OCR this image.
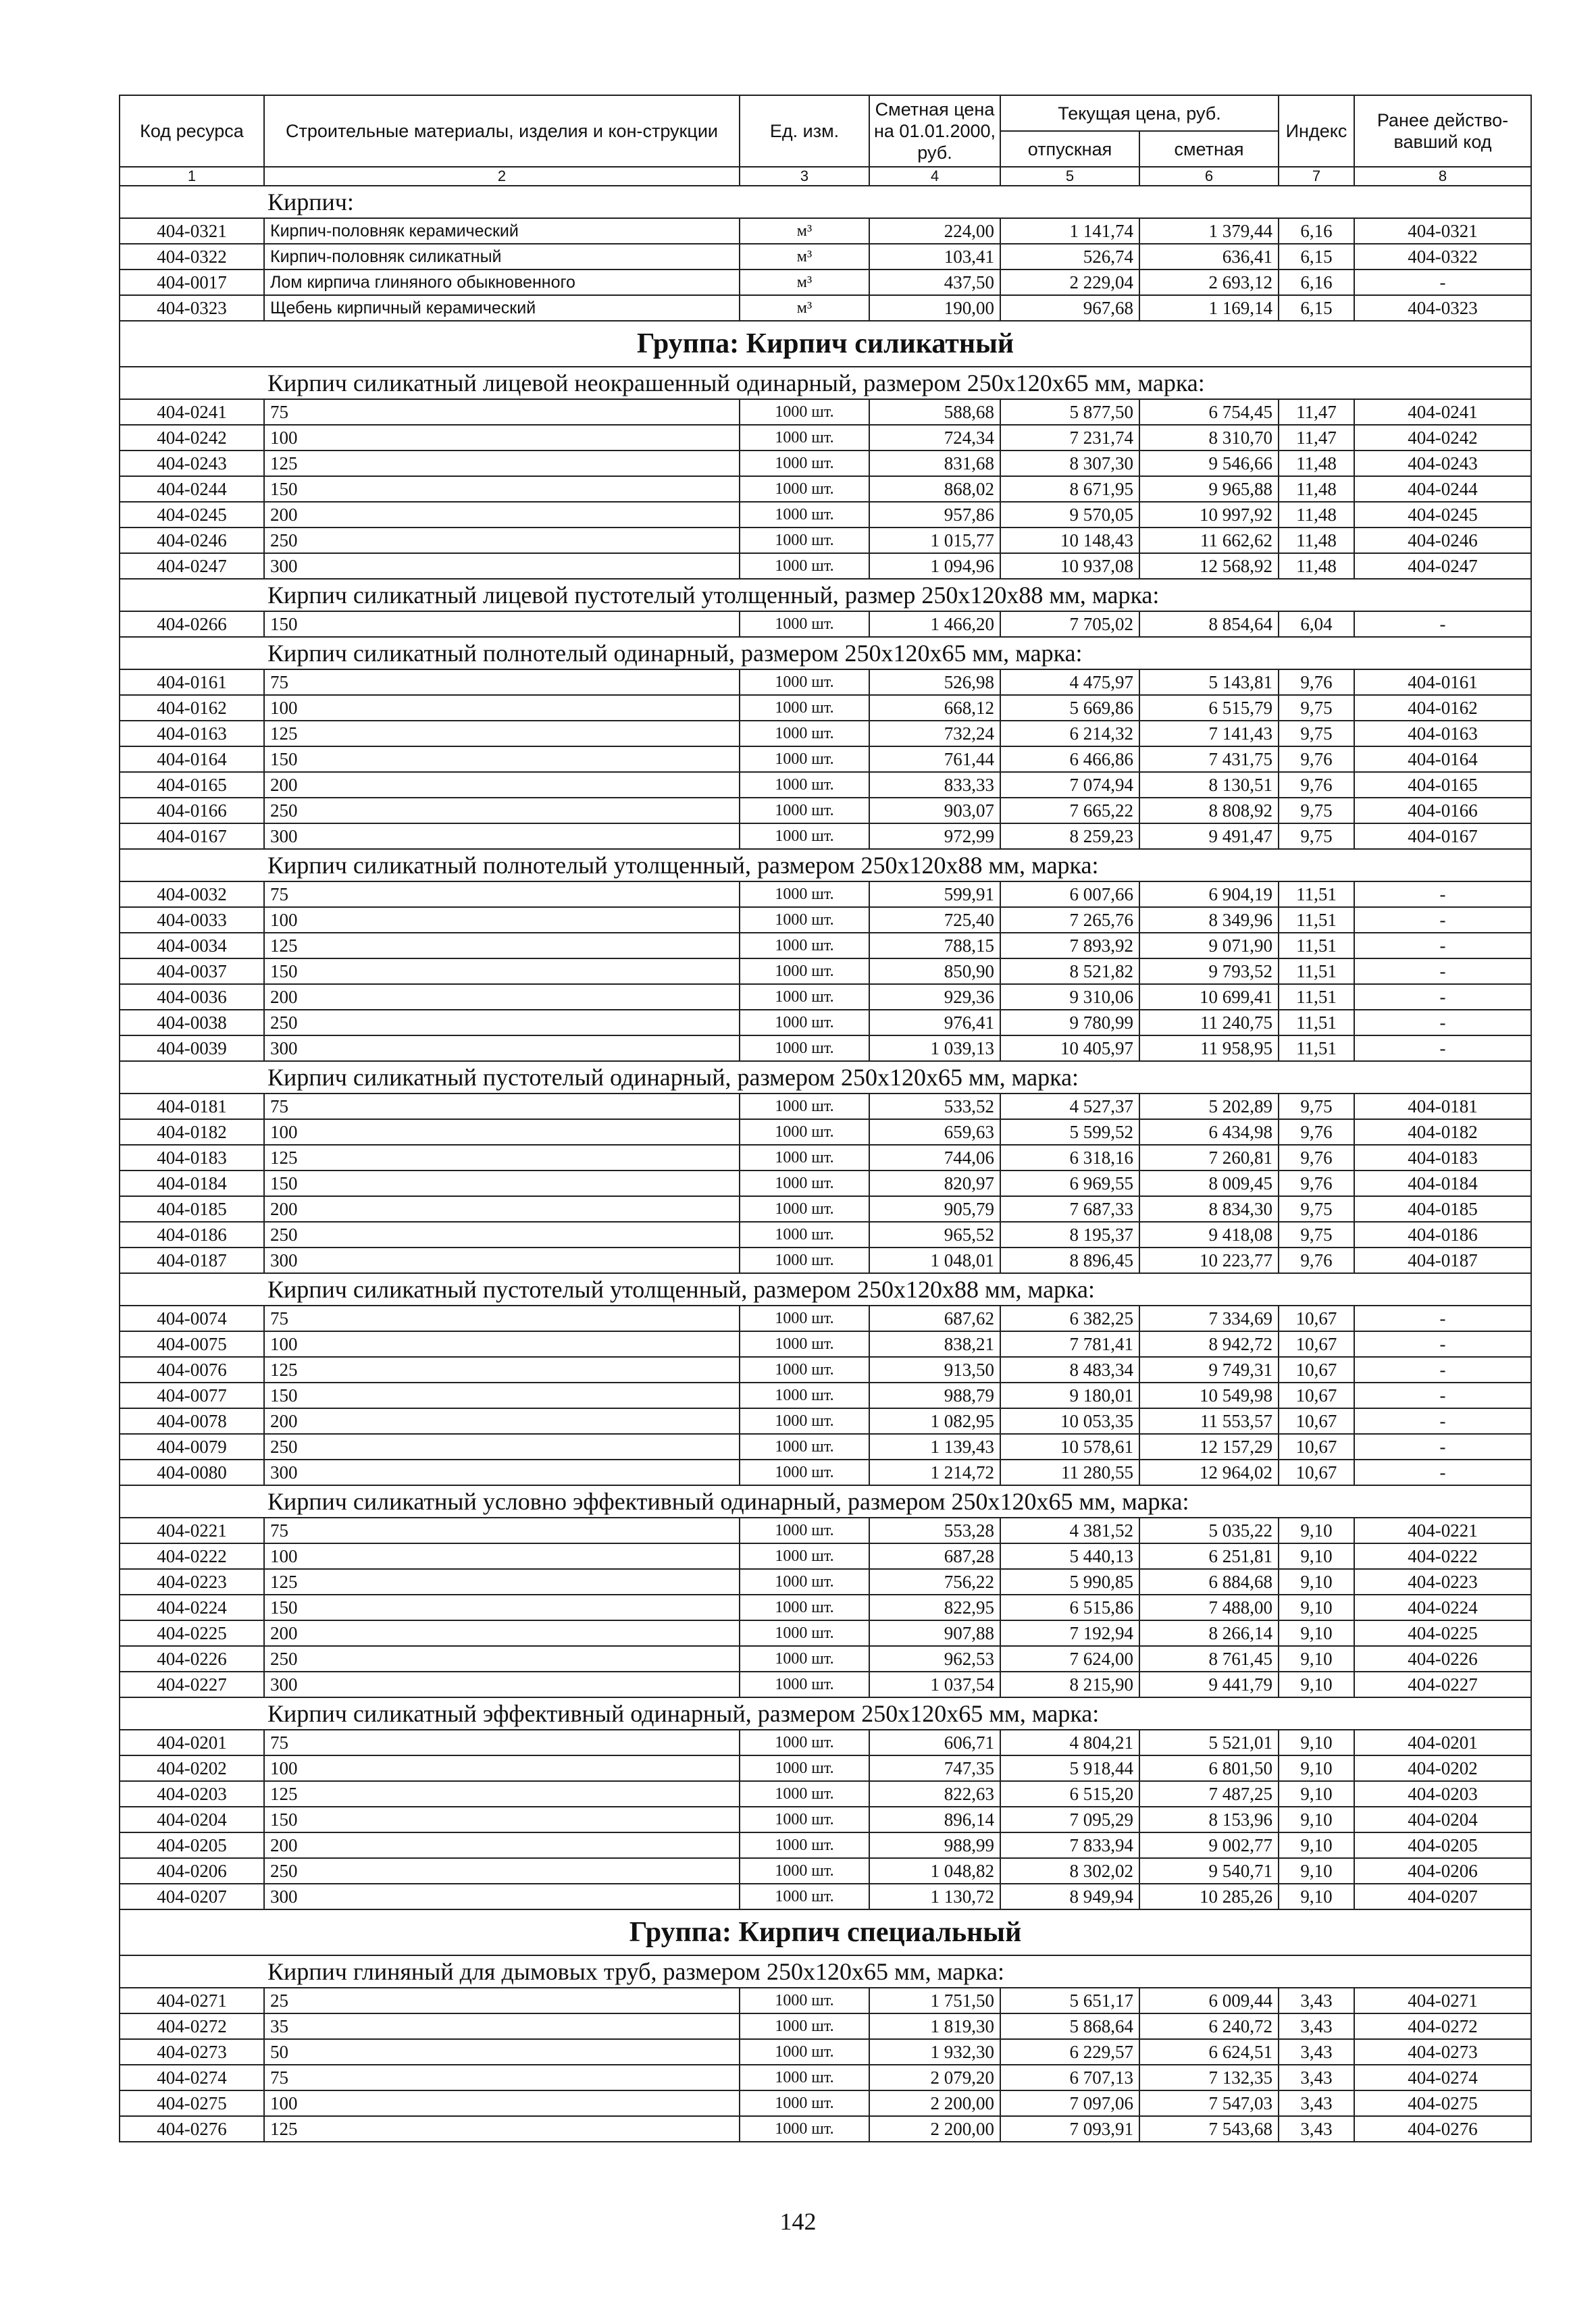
Код ресурса	Строительные материалы, изделия и кон-струкции	Ед. изм.	Сметная цена на 01.01.2000, руб.	Текущая цена, руб.		Индекс	Ранее действо-вавший код
				отпускная	сметная		
1	2	3	4	5	6	7	8
Кирпич:							
404-0321	Кирпич-половняк керамический	м³	224,00	1 141,74	1 379,44	6,16	404-0321
404-0322	Кирпич-половняк силикатный	м³	103,41	526,74	636,41	6,15	404-0322
404-0017	Лом кирпича глиняного обыкновенного	м³	437,50	2 229,04	2 693,12	6,16	-
404-0323	Щебень кирпичный керамический	м³	190,00	967,68	1 169,14	6,15	404-0323
Группа: Кирпич силикатный							
Кирпич силикатный лицевой неокрашенный одинарный, размером 250x120x65 мм, марка:							
404-0241	75	1000 шт.	588,68	5 877,50	6 754,45	11,47	404-0241
404-0242	100	1000 шт.	724,34	7 231,74	8 310,70	11,47	404-0242
404-0243	125	1000 шт.	831,68	8 307,30	9 546,66	11,48	404-0243
404-0244	150	1000 шт.	868,02	8 671,95	9 965,88	11,48	404-0244
404-0245	200	1000 шт.	957,86	9 570,05	10 997,92	11,48	404-0245
404-0246	250	1000 шт.	1 015,77	10 148,43	11 662,62	11,48	404-0246
404-0247	300	1000 шт.	1 094,96	10 937,08	12 568,92	11,48	404-0247
Кирпич силикатный лицевой пустотелый утолщенный, размер 250x120x88 мм, марка:							
404-0266	150	1000 шт.	1 466,20	7 705,02	8 854,64	6,04	-
Кирпич силикатный полнотелый одинарный, размером 250x120x65 мм, марка:							
404-0161	75	1000 шт.	526,98	4 475,97	5 143,81	9,76	404-0161
404-0162	100	1000 шт.	668,12	5 669,86	6 515,79	9,75	404-0162
404-0163	125	1000 шт.	732,24	6 214,32	7 141,43	9,75	404-0163
404-0164	150	1000 шт.	761,44	6 466,86	7 431,75	9,76	404-0164
404-0165	200	1000 шт.	833,33	7 074,94	8 130,51	9,76	404-0165
404-0166	250	1000 шт.	903,07	7 665,22	8 808,92	9,75	404-0166
404-0167	300	1000 шт.	972,99	8 259,23	9 491,47	9,75	404-0167
Кирпич силикатный полнотелый утолщенный, размером 250x120x88 мм, марка:							
404-0032	75	1000 шт.	599,91	6 007,66	6 904,19	11,51	-
404-0033	100	1000 шт.	725,40	7 265,76	8 349,96	11,51	-
404-0034	125	1000 шт.	788,15	7 893,92	9 071,90	11,51	-
404-0037	150	1000 шт.	850,90	8 521,82	9 793,52	11,51	-
404-0036	200	1000 шт.	929,36	9 310,06	10 699,41	11,51	-
404-0038	250	1000 шт.	976,41	9 780,99	11 240,75	11,51	-
404-0039	300	1000 шт.	1 039,13	10 405,97	11 958,95	11,51	-
Кирпич силикатный пустотелый одинарный, размером 250x120x65 мм, марка:							
404-0181	75	1000 шт.	533,52	4 527,37	5 202,89	9,75	404-0181
404-0182	100	1000 шт.	659,63	5 599,52	6 434,98	9,76	404-0182
404-0183	125	1000 шт.	744,06	6 318,16	7 260,81	9,76	404-0183
404-0184	150	1000 шт.	820,97	6 969,55	8 009,45	9,76	404-0184
404-0185	200	1000 шт.	905,79	7 687,33	8 834,30	9,75	404-0185
404-0186	250	1000 шт.	965,52	8 195,37	9 418,08	9,75	404-0186
404-0187	300	1000 шт.	1 048,01	8 896,45	10 223,77	9,76	404-0187
Кирпич силикатный пустотелый утолщенный, размером 250x120x88 мм, марка:							
404-0074	75	1000 шт.	687,62	6 382,25	7 334,69	10,67	-
404-0075	100	1000 шт.	838,21	7 781,41	8 942,72	10,67	-
404-0076	125	1000 шт.	913,50	8 483,34	9 749,31	10,67	-
404-0077	150	1000 шт.	988,79	9 180,01	10 549,98	10,67	-
404-0078	200	1000 шт.	1 082,95	10 053,35	11 553,57	10,67	-
404-0079	250	1000 шт.	1 139,43	10 578,61	12 157,29	10,67	-
404-0080	300	1000 шт.	1 214,72	11 280,55	12 964,02	10,67	-
Кирпич силикатный условно эффективный одинарный, размером 250x120x65 мм, марка:							
404-0221	75	1000 шт.	553,28	4 381,52	5 035,22	9,10	404-0221
404-0222	100	1000 шт.	687,28	5 440,13	6 251,81	9,10	404-0222
404-0223	125	1000 шт.	756,22	5 990,85	6 884,68	9,10	404-0223
404-0224	150	1000 шт.	822,95	6 515,86	7 488,00	9,10	404-0224
404-0225	200	1000 шт.	907,88	7 192,94	8 266,14	9,10	404-0225
404-0226	250	1000 шт.	962,53	7 624,00	8 761,45	9,10	404-0226
404-0227	300	1000 шт.	1 037,54	8 215,90	9 441,79	9,10	404-0227
Кирпич силикатный эффективный одинарный, размером 250x120x65 мм, марка:							
404-0201	75	1000 шт.	606,71	4 804,21	5 521,01	9,10	404-0201
404-0202	100	1000 шт.	747,35	5 918,44	6 801,50	9,10	404-0202
404-0203	125	1000 шт.	822,63	6 515,20	7 487,25	9,10	404-0203
404-0204	150	1000 шт.	896,14	7 095,29	8 153,96	9,10	404-0204
404-0205	200	1000 шт.	988,99	7 833,94	9 002,77	9,10	404-0205
404-0206	250	1000 шт.	1 048,82	8 302,02	9 540,71	9,10	404-0206
404-0207	300	1000 шт.	1 130,72	8 949,94	10 285,26	9,10	404-0207
Группа: Кирпич специальный							
Кирпич глиняный для дымовых труб, размером 250x120x65 мм, марка:							
404-0271	25	1000 шт.	1 751,50	5 651,17	6 009,44	3,43	404-0271
404-0272	35	1000 шт.	1 819,30	5 868,64	6 240,72	3,43	404-0272
404-0273	50	1000 шт.	1 932,30	6 229,57	6 624,51	3,43	404-0273
404-0274	75	1000 шт.	2 079,20	6 707,13	7 132,35	3,43	404-0274
404-0275	100	1000 шт.	2 200,00	7 097,06	7 547,03	3,43	404-0275
404-0276	125	1000 шт.	2 200,00	7 093,91	7 543,68	3,43	404-0276
142
